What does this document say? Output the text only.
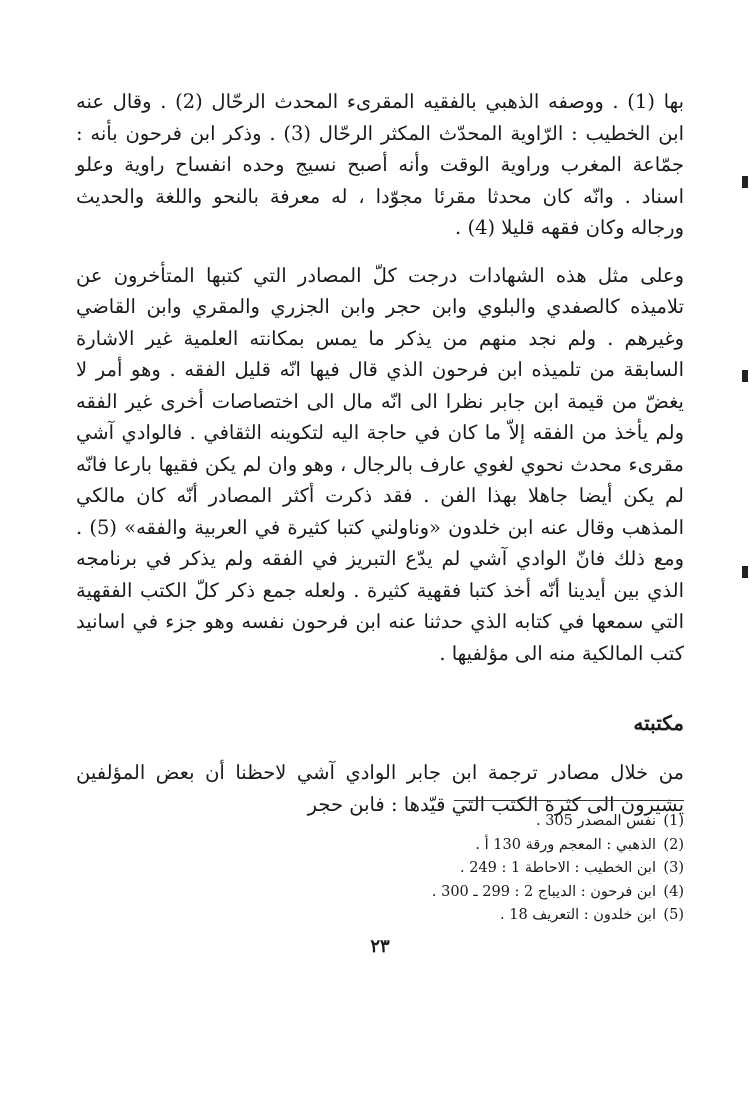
بها (1) . ووصفه الذهبي بالفقيه المقرىء المحدث الرحّال (2) . وقال عنه ابن الخطيب : الرّاوية المحدّث المكثر الرحّال (3) . وذكر ابن فرحون بأنه : جمّاعة المغرب وراوية الوقت وأنه أصبح نسيج وحده انفساح راوية وعلو اسناد . وانّه كان محدثا مقرئا مجوّدا ، له معرفة بالنحو واللغة والحديث ورجاله وكان فقهه قليلا (4) .

وعلى مثل هذه الشهادات درجت كلّ المصادر التي كتبها المتأخرون عن تلاميذه كالصفدي والبلوي وابن حجر وابن الجزري والمقري وابن القاضي وغيرهم . ولم نجد منهم من يذكر ما يمس بمكانته العلمية غير الاشارة السابقة من تلميذه ابن فرحون الذي قال فيها انّه قليل الفقه . وهو أمر لا يغضّ من قيمة ابن جابر نظرا الى انّه مال الى اختصاصات أخرى غير الفقه ولم يأخذ من الفقه إلاّ ما كان في حاجة اليه لتكوينه الثقافي . فالوادي آشي مقرىء محدث نحوي لغوي عارف بالرجال ، وهو وان لم يكن فقيها بارعا فانّه لم يكن أيضا جاهلا بهذا الفن . فقد ذكرت أكثر المصادر أنّه كان مالكي المذهب وقال عنه ابن خلدون «وناولني كتبا كثيرة في العربية والفقه» (5) . ومع ذلك فانّ الوادي آشي لم يدّع التبريز في الفقه ولم يذكر في برنامجه الذي بين أيدينا أنّه أخذ كتبا فقهية كثيرة . ولعله جمع ذكر كلّ الكتب الفقهية التي سمعها في كتابه الذي حدثنا عنه ابن فرحون نفسه وهو جزء في اسانيد كتب المالكية منه الى مؤلفيها .

مكتبته

من خلال مصادر ترجمة ابن جابر الوادي آشي لاحظنا أن بعض المؤلفين يشيرون الى كثرة الكتب التي قيّدها : فابن حجر

(1)نفس المصدر 305 .
(2)الذهبي : المعجم ورقة 130 أ .
(3)ابن الخطيب : الاحاطة 1 : 249 .
(4)ابن فرحون : الديباج 2 : 299 ـ 300 .
(5)ابن خلدون : التعريف 18 .
٢٣
